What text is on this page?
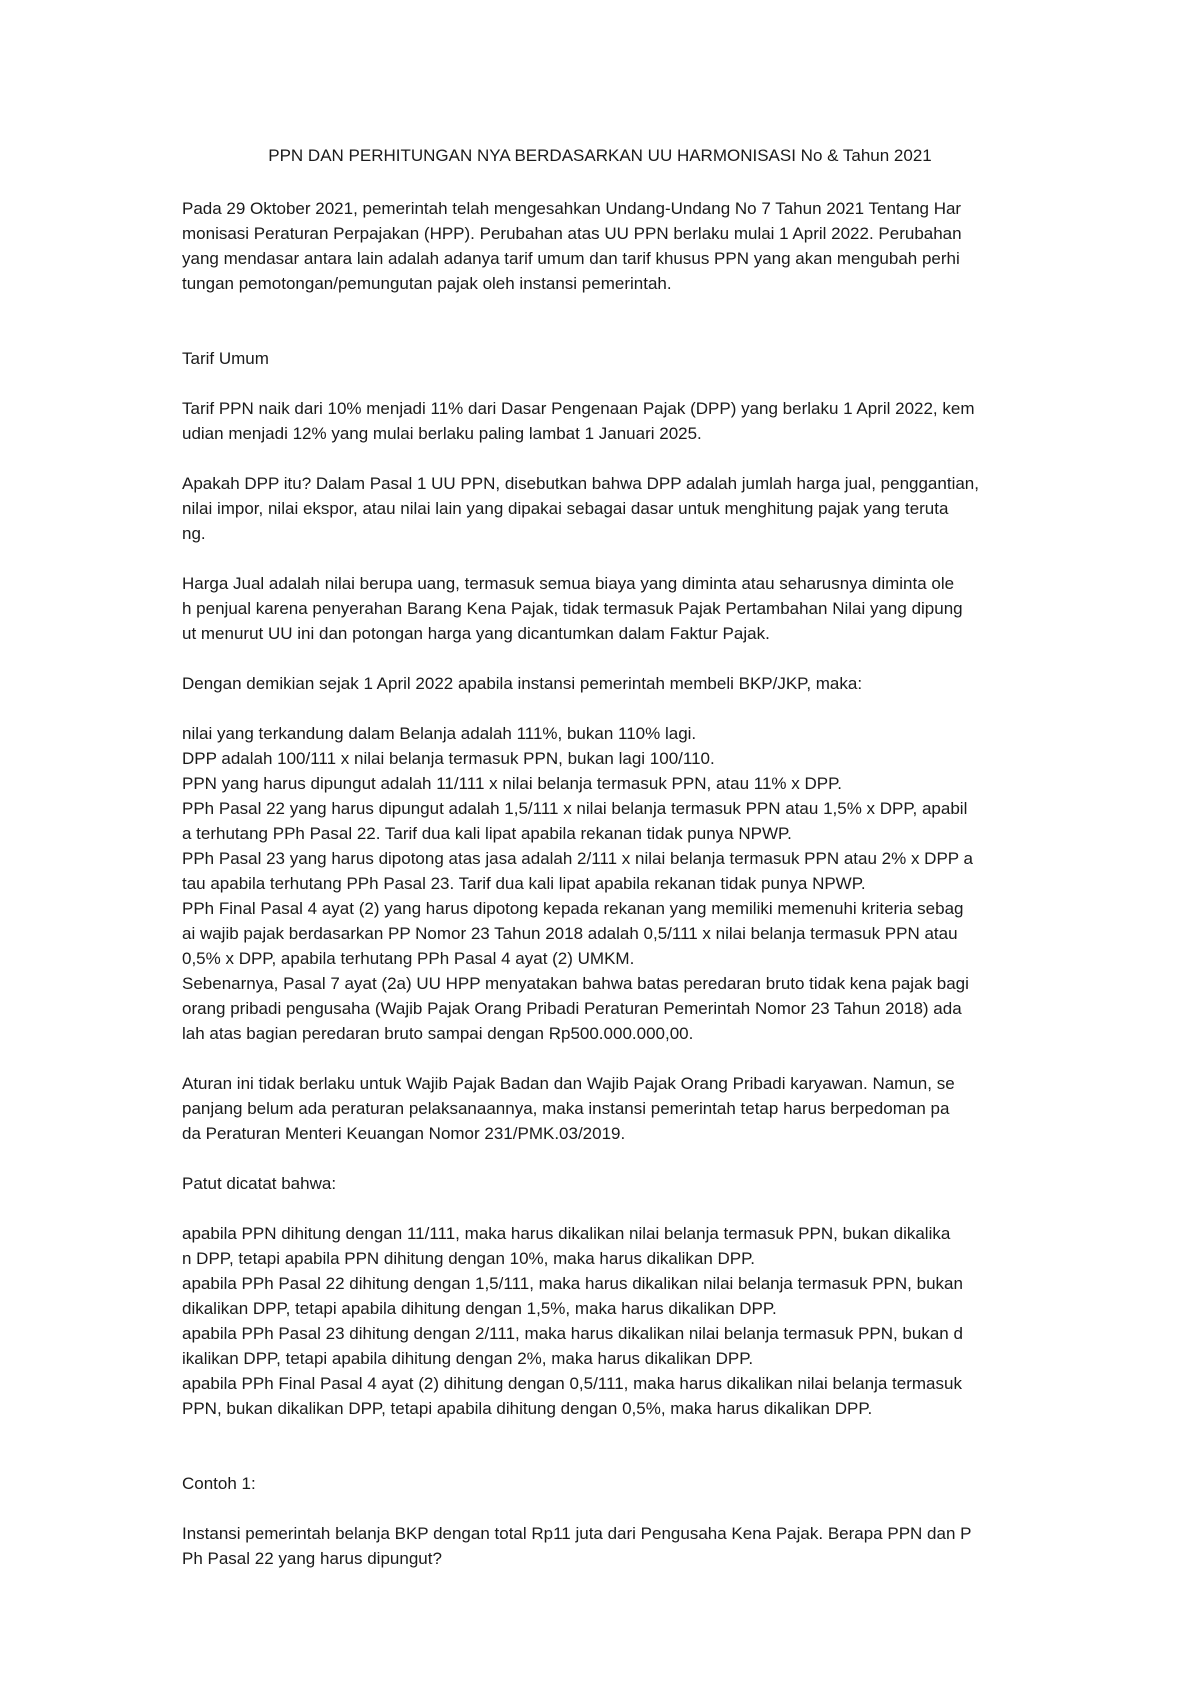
PPN DAN PERHITUNGAN NYA BERDASARKAN UU HARMONISASI No & Tahun 2021
Pada 29 Oktober 2021, pemerintah telah mengesahkan Undang-Undang No 7 Tahun 2021 Tentang Har
monisasi Peraturan Perpajakan (HPP). Perubahan atas UU PPN berlaku mulai 1 April 2022. Perubahan
yang mendasar antara lain adalah adanya tarif umum dan tarif khusus PPN yang akan mengubah perhi
tungan pemotongan/pemungutan pajak oleh instansi pemerintah.
Tarif Umum
Tarif PPN naik dari 10% menjadi 11% dari Dasar Pengenaan Pajak (DPP) yang berlaku 1 April 2022, kem
udian menjadi 12% yang mulai berlaku paling lambat 1 Januari 2025.
Apakah DPP itu? Dalam Pasal 1 UU PPN, disebutkan bahwa DPP adalah jumlah harga jual, penggantian,
nilai impor, nilai ekspor, atau nilai lain yang dipakai sebagai dasar untuk menghitung pajak yang teruta
ng.
Harga Jual adalah nilai berupa uang, termasuk semua biaya yang diminta atau seharusnya diminta ole
h penjual karena penyerahan Barang Kena Pajak, tidak termasuk Pajak Pertambahan Nilai yang dipung
ut menurut UU ini dan potongan harga yang dicantumkan dalam Faktur Pajak.
Dengan demikian sejak 1 April 2022 apabila instansi pemerintah membeli BKP/JKP, maka:
nilai yang terkandung dalam Belanja adalah 111%, bukan 110% lagi.
DPP adalah 100/111 x nilai belanja termasuk PPN, bukan lagi 100/110.
PPN yang harus dipungut adalah 11/111 x nilai belanja termasuk PPN, atau 11% x DPP.
PPh Pasal 22 yang harus dipungut adalah 1,5/111 x nilai belanja termasuk PPN atau 1,5% x DPP, apabil
a terhutang PPh Pasal 22. Tarif dua kali lipat apabila rekanan tidak punya NPWP.
PPh Pasal 23 yang harus dipotong atas jasa adalah 2/111 x nilai belanja termasuk PPN atau 2% x DPP a
tau apabila terhutang PPh Pasal 23. Tarif dua kali lipat apabila rekanan tidak punya NPWP.
PPh Final Pasal 4 ayat (2) yang harus dipotong kepada rekanan yang memiliki memenuhi kriteria sebag
ai wajib pajak berdasarkan PP Nomor 23 Tahun 2018 adalah 0,5/111 x nilai belanja termasuk PPN atau
0,5% x DPP, apabila terhutang PPh Pasal 4 ayat (2) UMKM.
Sebenarnya, Pasal 7 ayat (2a) UU HPP menyatakan bahwa batas peredaran bruto tidak kena pajak bagi
orang pribadi pengusaha (Wajib Pajak Orang Pribadi Peraturan Pemerintah Nomor 23 Tahun 2018) ada
lah atas bagian peredaran bruto sampai dengan Rp500.000.000,00.
Aturan ini tidak berlaku untuk Wajib Pajak Badan dan Wajib Pajak Orang Pribadi karyawan. Namun, se
panjang belum ada peraturan pelaksanaannya, maka instansi pemerintah tetap harus berpedoman pa
da Peraturan Menteri Keuangan Nomor 231/PMK.03/2019.
Patut dicatat bahwa:
apabila PPN dihitung dengan 11/111, maka harus dikalikan nilai belanja termasuk PPN, bukan dikalika
n DPP, tetapi apabila PPN dihitung dengan 10%, maka harus dikalikan DPP.
apabila PPh Pasal 22 dihitung dengan 1,5/111, maka harus dikalikan nilai belanja termasuk PPN, bukan
dikalikan DPP, tetapi apabila dihitung dengan 1,5%, maka harus dikalikan DPP.
apabila PPh Pasal 23 dihitung dengan 2/111, maka harus dikalikan nilai belanja termasuk PPN, bukan d
ikalikan DPP, tetapi apabila dihitung dengan 2%, maka harus dikalikan DPP.
apabila PPh Final Pasal 4 ayat (2) dihitung dengan 0,5/111, maka harus dikalikan nilai belanja termasuk
PPN, bukan dikalikan DPP, tetapi apabila dihitung dengan 0,5%, maka harus dikalikan DPP.
Contoh 1:
Instansi pemerintah belanja BKP dengan total Rp11 juta dari Pengusaha Kena Pajak. Berapa PPN dan P
Ph Pasal 22 yang harus dipungut?
